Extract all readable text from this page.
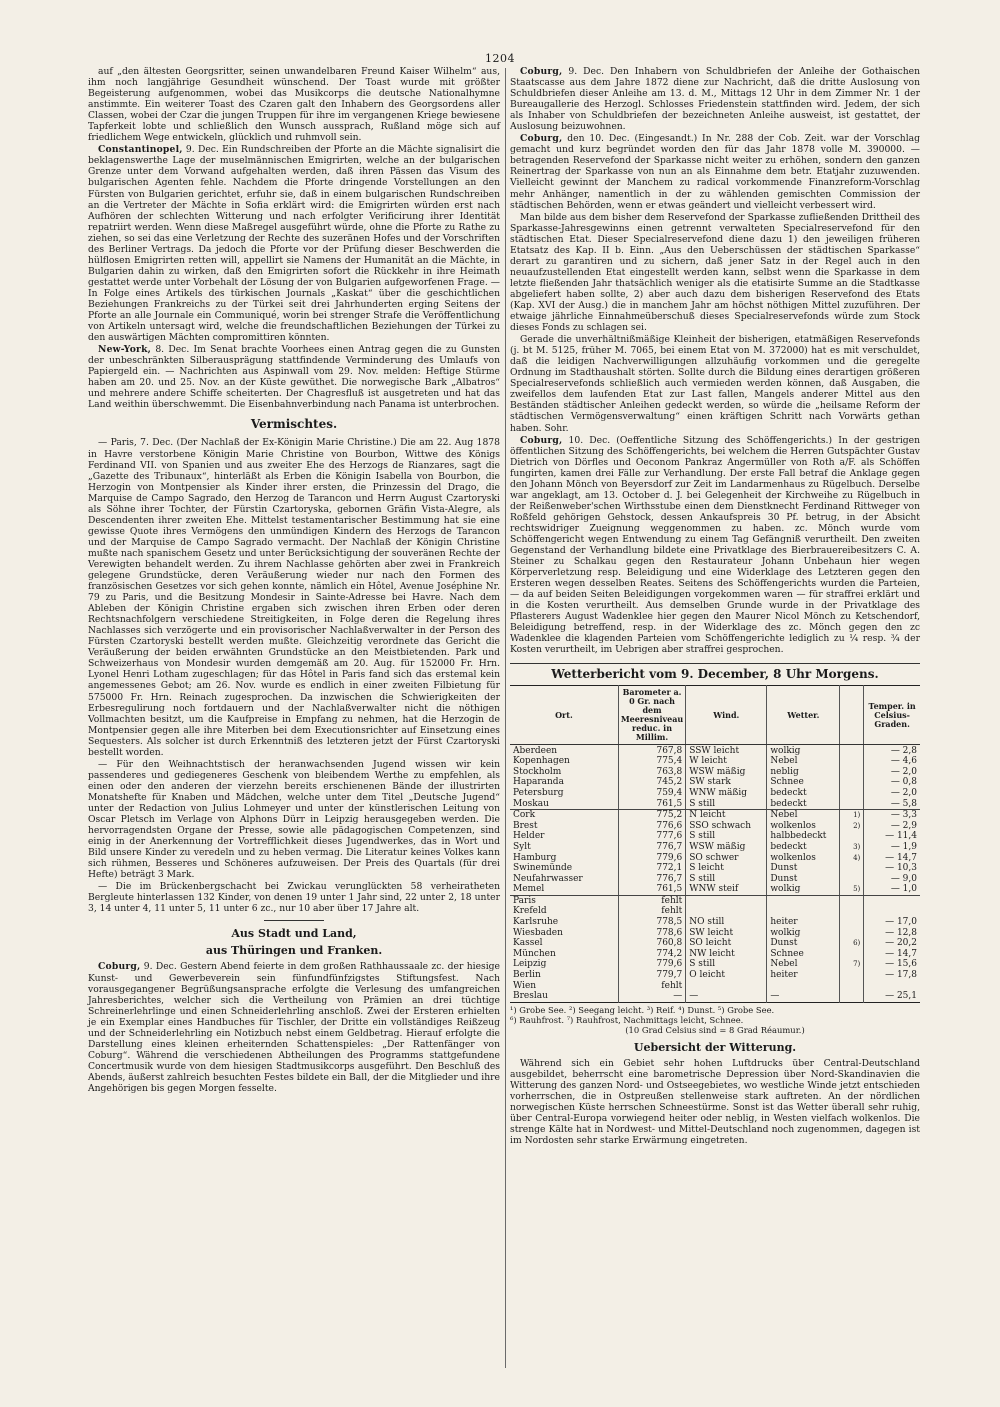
1204

auf „den ältesten Georgsritter, seinen unwandelbaren Freund Kaiser Wilhelm“ aus, ihm noch langjährige Gesundheit wünschend. Der Toast wurde mit größter Begeisterung aufgenommen, wobei das Musikcorps die deutsche Nationalhymne anstimmte. Ein weiterer Toast des Czaren galt den Inhabern des Georgsordens aller Classen, wobei der Czar die jungen Truppen für ihre im vergangenen Kriege bewiesene Tapferkeit lobte und schließlich den Wunsch aussprach, Rußland möge sich auf friedlichem Wege entwickeln, glücklich und ruhmvoll sein.

Constantinopel, 9. Dec. Ein Rundschreiben der Pforte an die Mächte signalisirt die beklagenswerthe Lage der muselmännischen Emigrirten, welche an der bulgarischen Grenze unter dem Vorwand aufgehalten werden, daß ihren Pässen das Visum des bulgarischen Agenten fehle. Nachdem die Pforte dringende Vorstellungen an den Fürsten von Bulgarien gerichtet, erfuhr sie, daß in einem bulgarischen Rundschreiben an die Vertreter der Mächte in Sofia erklärt wird: die Emigrirten würden erst nach Aufhören der schlechten Witterung und nach erfolgter Verificirung ihrer Identität repatriirt werden. Wenn diese Maßregel ausgeführt würde, ohne die Pforte zu Rathe zu ziehen, so sei das eine Verletzung der Rechte des suzeränen Hofes und der Vorschriften des Berliner Vertrags. Da jedoch die Pforte vor der Prüfung dieser Beschwerden die hülflosen Emigrirten retten will, appellirt sie Namens der Humanität an die Mächte, in Bulgarien dahin zu wirken, daß den Emigrirten sofort die Rückkehr in ihre Heimath gestattet werde unter Vorbehalt der Lösung der von Bulgarien aufgeworfenen Frage. — In Folge eines Artikels des türkischen Journals „Kaskat“ über die geschichtlichen Beziehungen Frankreichs zu der Türkei seit drei Jahrhunderten erging Seitens der Pforte an alle Journale ein Communiqué, worin bei strenger Strafe die Veröffentlichung von Artikeln untersagt wird, welche die freundschaftlichen Beziehungen der Türkei zu den auswärtigen Mächten compromittiren könnten.

New-York, 8. Dec. Im Senat brachte Voorhees einen Antrag gegen die zu Gunsten der unbeschränkten Silberausprägung stattfindende Verminderung des Umlaufs von Papiergeld ein. — Nachrichten aus Aspinwall vom 29. Nov. melden: Heftige Stürme haben am 20. und 25. Nov. an der Küste gewüthet. Die norwegische Bark „Albatros“ und mehrere andere Schiffe scheiterten. Der Chagresfluß ist ausgetreten und hat das Land weithin überschwemmt. Die Eisenbahnverbindung nach Panama ist unterbrochen.

Vermischtes.

— Paris, 7. Dec. (Der Nachlaß der Ex-Königin Marie Christine.) Die am 22. Aug 1878 in Havre verstorbene Königin Marie Christine von Bourbon, Wittwe des Königs Ferdinand VII. von Spanien und aus zweiter Ehe des Herzogs de Rianzares, sagt die „Gazette des Tribunaux“, hinterläßt als Erben die Königin Isabella von Bourbon, die Herzogin von Montpensier als Kinder ihrer ersten, die Prinzessin del Drago, die Marquise de Campo Sagrado, den Herzog de Tarancon und Herrn August Czartoryski als Söhne ihrer Tochter, der Fürstin Czartoryska, gebornen Gräfin Vista-Alegre, als Descendenten ihrer zweiten Ehe. Mittelst testamentarischer Bestimmung hat sie eine gewisse Quote ihres Vermögens den unmündigen Kindern des Herzogs de Tarancon und der Marquise de Campo Sagrado vermacht. Der Nachlaß der Königin Christine mußte nach spanischem Gesetz und unter Berücksichtigung der souveränen Rechte der Verewigten behandelt werden. Zu ihrem Nachlasse gehörten aber zwei in Frankreich gelegene Grundstücke, deren Veräußerung wieder nur nach den Formen des französischen Gesetzes vor sich gehen konnte, nämlich ein Hôtel, Avenue Joséphine Nr. 79 zu Paris, und die Besitzung Mondesir in Sainte-Adresse bei Havre. Nach dem Ableben der Königin Christine ergaben sich zwischen ihren Erben oder deren Rechtsnachfolgern verschiedene Streitigkeiten, in Folge deren die Regelung ihres Nachlasses sich verzögerte und ein provisorischer Nachlaßverwalter in der Person des Fürsten Czartoryski bestellt werden mußte. Gleichzeitig verordnete das Gericht die Veräußerung der beiden erwähnten Grundstücke an den Meistbietenden. Park und Schweizerhaus von Mondesir wurden demgemäß am 20. Aug. für 152000 Fr. Hrn. Lyonel Henri Lotham zugeschlagen; für das Hôtel in Paris fand sich das erstemal kein angemessenes Gebot; am 26. Nov. wurde es endlich in einer zweiten Filbietung für 575000 Fr. Hrn. Reinach zugesprochen. Da inzwischen die Schwierigkeiten der Erbesregulirung noch fortdauern und der Nachlaßverwalter nicht die nöthigen Vollmachten besitzt, um die Kaufpreise in Empfang zu nehmen, hat die Herzogin de Montpensier gegen alle ihre Miterben bei dem Executionsrichter auf Einsetzung eines Sequesters. Als solcher ist durch Erkenntniß des letzteren jetzt der Fürst Czartoryski bestellt worden.

— Für den Weihnachtstisch der heranwachsenden Jugend wissen wir kein passenderes und gediegeneres Geschenk von bleibendem Werthe zu empfehlen, als einen oder den anderen der vierzehn bereits erschienenen Bände der illustrirten Monatshefte für Knaben und Mädchen, welche unter dem Titel „Deutsche Jugend“ unter der Redaction von Julius Lohmeyer und unter der künstlerischen Leitung von Oscar Pletsch im Verlage von Alphons Dürr in Leipzig herausgegeben werden. Die hervorragendsten Organe der Presse, sowie alle pädagogischen Competenzen, sind einig in der Anerkennung der Vortrefflichkeit dieses Jugendwerkes, das in Wort und Bild unsere Kinder zu veredeln und zu heben vermag. Die Literatur keines Volkes kann sich rühmen, Besseres und Schöneres aufzuweisen. Der Preis des Quartals (für drei Hefte) beträgt 3 Mark.

— Die im Brückenbergschacht bei Zwickau verunglückten 58 verheiratheten Bergleute hinterlassen 132 Kinder, von denen 19 unter 1 Jahr sind, 22 unter 2, 18 unter 3, 14 unter 4, 11 unter 5, 11 unter 6 zc., nur 10 aber über 17 Jahre alt.

Aus Stadt und Land,
aus Thüringen und Franken.

Coburg, 9. Dec. Gestern Abend feierte in dem großen Rathhaussaale zc. der hiesige Kunst- und Gewerbeverein sein fünfundfünfzigstes Stiftungsfest. Nach vorausgegangener Begrüßungsansprache erfolgte die Verlesung des umfangreichen Jahresberichtes, welcher sich die Vertheilung von Prämien an drei tüchtige Schreinerlehrlinge und einen Schneiderlehrling anschloß. Zwei der Ersteren erhielten je ein Exemplar eines Handbuches für Tischler, der Dritte ein vollständiges Reißzeug und der Schneiderlehrling ein Notizbuch nebst einem Geldbetrag. Hierauf erfolgte die Darstellung eines kleinen erheiternden Schattenspieles: „Der Rattenfänger von Coburg“. Während die verschiedenen Abtheilungen des Programms stattgefundene Concertmusik wurde von dem hiesigen Stadtmusikcorps ausgeführt. Den Beschluß des Abends, äußerst zahlreich besuchten Festes bildete ein Ball, der die Mitglieder und ihre Angehörigen bis gegen Morgen fesselte.

Coburg, 9. Dec. Den Inhabern von Schuldbriefen der Anleihe der Gothaischen Staatscasse aus dem Jahre 1872 diene zur Nachricht, daß die dritte Auslosung von Schuldbriefen dieser Anleihe am 13. d. M., Mittags 12 Uhr in dem Zimmer Nr. 1 der Bureaugallerie des Herzogl. Schlosses Friedenstein stattfinden wird. Jedem, der sich als Inhaber von Schuldbriefen der bezeichneten Anleihe ausweist, ist gestattet, der Auslosung beizuwohnen.

Coburg, den 10. Dec. (Eingesandt.) In Nr. 288 der Cob. Zeit. war der Vorschlag gemacht und kurz begründet worden den für das Jahr 1878 volle M. 390000. — betragenden Reservefond der Sparkasse nicht weiter zu erhöhen, sondern den ganzen Reinertrag der Sparkasse von nun an als Einnahme dem betr. Etatjahr zuzuwenden. Vielleicht gewinnt der Manchem zu radical vorkommende Finanzreform-Vorschlag mehr Anhänger, namentlich in der zu wählenden gemischten Commission der städtischen Behörden, wenn er etwas geändert und vielleicht verbessert wird.

Man bilde aus dem bisher dem Reservefond der Sparkasse zufließenden Drittheil des Sparkasse-Jahresgewinns einen getrennt verwalteten Specialreservefond für den städtischen Etat. Dieser Specialreservefond diene dazu 1) den jeweiligen früheren Etatsatz des Kap. II b. Einn. „Aus den Ueberschüssen der städtischen Sparkasse“ derart zu garantiren und zu sichern, daß jener Satz in der Regel auch in den neuaufzustellenden Etat eingestellt werden kann, selbst wenn die Sparkasse in dem letzte fließenden Jahr thatsächlich weniger als die etatisirte Summe an die Stadtkasse abgeliefert haben sollte, 2) aber auch dazu dem bisherigen Reservefond des Etats (Kap. XVI der Ausg.) die in manchem Jahr am höchst nöthigen Mittel zuzuführen. Der etwaige jährliche Einnahmeüberschuß dieses Specialreservefonds würde zum Stock dieses Fonds zu schlagen sei.

Gerade die unverhältnißmäßige Kleinheit der bisherigen, etatmäßigen Reservefonds (j. bt M. 5125, früher M. 7065, bei einem Etat von M. 372000) hat es mit verschuldet, daß die leidigen Nachverwilligungen allzuhäufig vorkommen und die geregelte Ordnung im Stadthaushalt störten. Sollte durch die Bildung eines derartigen größeren Specialreservefonds schließlich auch vermieden werden können, daß Ausgaben, die zweifellos dem laufenden Etat zur Last fallen, Mangels anderer Mittel aus den Beständen städtischer Anleihen gedeckt werden, so würde die „heilsame Reform der städtischen Vermögensverwaltung“ einen kräftigen Schritt nach Vorwärts gethan haben. Sohr.

Coburg, 10. Dec. (Oeffentliche Sitzung des Schöffengerichts.) In der gestrigen öffentlichen Sitzung des Schöffengerichts, bei welchem die Herren Gutspächter Gustav Dietrich von Dörfles und Oeconom Pankraz Angermüller von Roth a/F. als Schöffen fungirten, kamen drei Fälle zur Verhandlung. Der erste Fall betraf die Anklage gegen den Johann Mönch von Beyersdorf zur Zeit im Landarmenhaus zu Rügelbuch. Derselbe war angeklagt, am 13. October d. J. bei Gelegenheit der Kirchweihe zu Rügelbuch in der Reißenweber'schen Wirthsstube einen dem Dienstknecht Ferdinand Rittweger von Roßfeld gehörigen Gehstock, dessen Ankaufspreis 30 Pf. betrug, in der Absicht rechtswidriger Zueignung weggenommen zu haben. zc. Mönch wurde vom Schöffengericht wegen Entwendung zu einem Tag Gefängniß verurtheilt. Den zweiten Gegenstand der Verhandlung bildete eine Privatklage des Bierbrauereibesitzers C. A. Steiner zu Schalkau gegen den Restaurateur Johann Unbehaun hier wegen Körperverletzung resp. Beleidigung und eine Widerklage des Letzteren gegen den Ersteren wegen desselben Reates. Seitens des Schöffengerichts wurden die Parteien, — da auf beiden Seiten Beleidigungen vorgekommen waren — für straffrei erklärt und in die Kosten verurtheilt. Aus demselben Grunde wurde in der Privatklage des Pflasterers August Wadenklee hier gegen den Maurer Nicol Mönch zu Ketschendorf, Beleidigung betreffend, resp. in der Widerklage des zc. Mönch gegen den zc Wadenklee die klagenden Parteien vom Schöffengerichte lediglich zu ¼ resp. ¾ der Kosten verurtheilt, im Uebrigen aber straffrei gesprochen.

Wetterbericht vom 9. December, 8 Uhr Morgens.
Ort.	Barometer a. 0 Gr. nach dem Meeresniveau reduc. in Millim.	Wind.	Wetter.		Temper. in Celsius-Graden.
Aberdeen	767,8	SSW leicht	wolkig		— 2,8
Kopenhagen	775,4	W leicht	Nebel		— 4,6
Stockholm	763,8	WSW mäßig	neblig		— 2,0
Haparanda	745,2	SW stark	Schnee		— 0,8
Petersburg	759,4	WNW mäßig	bedeckt		— 2,0
Moskau	761,5	S still	bedeckt		— 5,8
Cork	775,2	N leicht	Nebel	1)	— 3,3
Brest	776,6	SSO schwach	wolkenlos	2)	— 2,9
Helder	777,6	S still	halbbedeckt		— 11,4
Sylt	776,7	WSW mäßig	bedeckt	3)	— 1,9
Hamburg	779,6	SO schwer	wolkenlos	4)	— 14,7
Swinemünde	772,1	S leicht	Dunst		— 10,3
Neufahrwasser	776,7	S still	Dunst		— 9,0
Memel	761,5	WNW steif	wolkig	5)	— 1,0
Paris	fehlt				
Krefeld	fehlt				
Karlsruhe	778,5	NO still	heiter		— 17,0
Wiesbaden	778,6	SW leicht	wolkig		— 12,8
Kassel	760,8	SO leicht	Dunst	6)	— 20,2
München	774,2	NW leicht	Schnee		— 14,7
Leipzig	779,6	S still	Nebel	7)	— 15,6
Berlin	779,7	O leicht	heiter		— 17,8
Wien	fehlt				
Breslau	—	—	—		— 25,1

¹) Grobe See. ²) Seegang leicht. ³) Reif. ⁴) Dunst. ⁵) Grobe See.

⁶) Rauhfrost. ⁷) Rauhfrost, Nachmittags leicht, Schnee.

(10 Grad Celsius sind = 8 Grad Réaumur.)

Uebersicht der Witterung.

Während sich ein Gebiet sehr hohen Luftdrucks über Central-Deutschland ausgebildet, beherrscht eine barometrische Depression über Nord-Skandinavien die Witterung des ganzen Nord- und Ostseegebietes, wo westliche Winde jetzt entschieden vorherrschen, die in Ostpreußen stellenweise stark auftreten. An der nördlichen norwegischen Küste herrschen Schneestürme. Sonst ist das Wetter überall sehr ruhig, über Central-Europa vorwiegend heiter oder neblig, in Westen vielfach wolkenlos. Die strenge Kälte hat in Nordwest- und Mittel-Deutschland noch zugenommen, dagegen ist im Nordosten sehr starke Erwärmung eingetreten.
